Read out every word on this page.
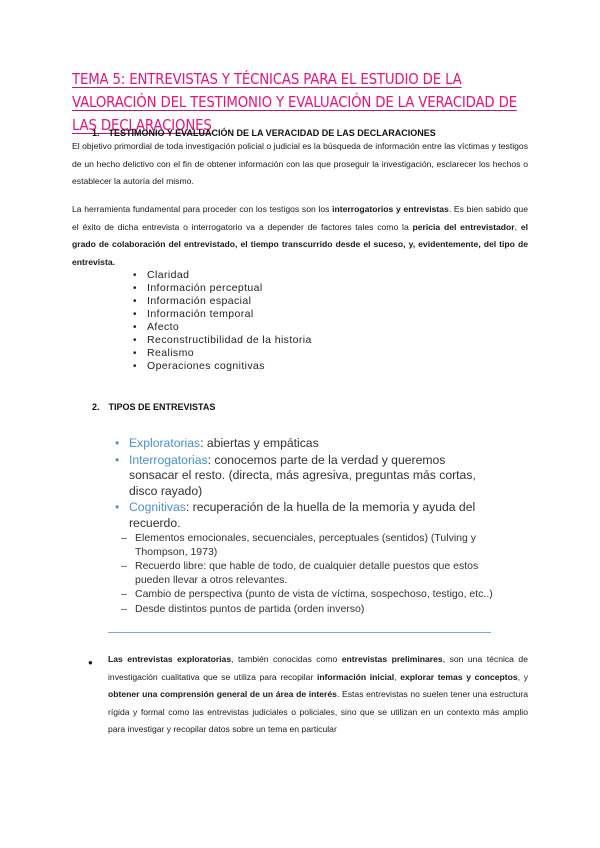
TEMA 5: ENTREVISTAS Y TÉCNICAS PARA EL ESTUDIO DE LA VALORACIÓN DEL TESTIMONIO Y EVALUACIÓN DE LA VERACIDAD DE LAS DECLARACIONES
1. TESTIMONIO Y EVALUACIÓN DE LA VERACIDAD DE LAS DECLARACIONES
El objetivo primordial de toda investigación policial o judicial es la búsqueda de información entre las víctimas y testigos de un hecho delictivo con el fin de obtener información con las que proseguir la investigación, esclarecer los hechos o establecer la autoría del mismo.
La herramienta fundamental para proceder con los testigos son los interrogatorios y entrevistas. Es bien sabido que el éxito de dicha entrevista o interrogatorio va a depender de factores tales como la pericia del entrevistador, el grado de colaboración del entrevistado, el tiempo transcurrido desde el suceso, y, evidentemente, del tipo de entrevista.
• Claridad
• Información perceptual
• Información espacial
• Información temporal
• Afecto
• Reconstructibilidad de la historia
• Realismo
• Operaciones cognitivas
2. TIPOS DE ENTREVISTAS
• Exploratorias: abiertas y empáticas
• Interrogatorias: conocemos parte de la verdad y queremos sonsacar el resto. (directa, más agresiva, preguntas más cortas, disco rayado)
• Cognitivas: recuperación de la huella de la memoria y ayuda del recuerdo.
– Elementos emocionales, secuenciales, perceptuales (sentidos) (Tulving y Thompson, 1973)
– Recuerdo libre: que hable de todo, de cualquier detalle puestos que estos pueden llevar a otros relevantes.
– Cambio de perspectiva (punto de vista de víctima, sospechoso, testigo, etc..)
– Desde distintos puntos de partida (orden inverso)
● Las entrevistas exploratorias, también conocidas como entrevistas preliminares, son una técnica de investigación cualitativa que se utiliza para recopilar información inicial, explorar temas y conceptos, y obtener una comprensión general de un área de interés. Estas entrevistas no suelen tener una estructura rígida y formal como las entrevistas judiciales o policiales, sino que se utilizan en un contexto más amplio para investigar y recopilar datos sobre un tema en particular
